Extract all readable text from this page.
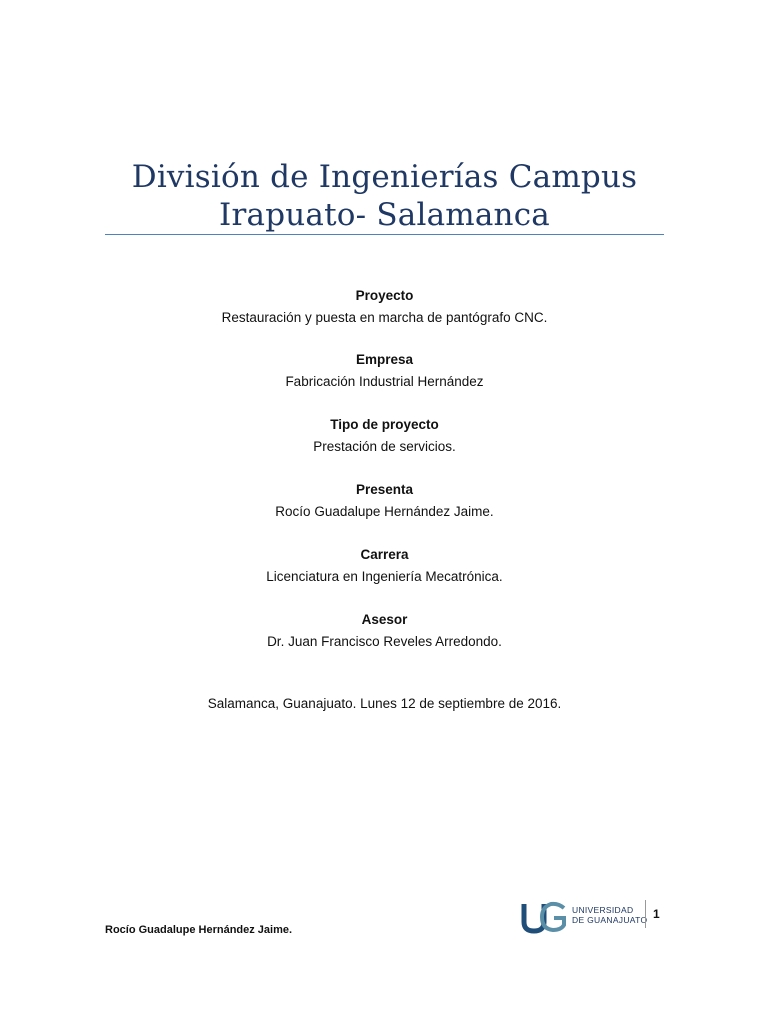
División de Ingenierías Campus
Irapuato- Salamanca
Proyecto
Restauración y puesta en marcha de pantógrafo CNC.
Empresa
Fabricación Industrial Hernández
Tipo de proyecto
Prestación de servicios.
Presenta
Rocío Guadalupe Hernández Jaime.
Carrera
Licenciatura en Ingeniería Mecatrónica.
Asesor
Dr. Juan Francisco Reveles Arredondo.
Salamanca, Guanajuato. Lunes 12 de septiembre de 2016.
Rocío Guadalupe Hernández Jaime.
UNIVERSIDAD
DE GUANAJUATO 1
